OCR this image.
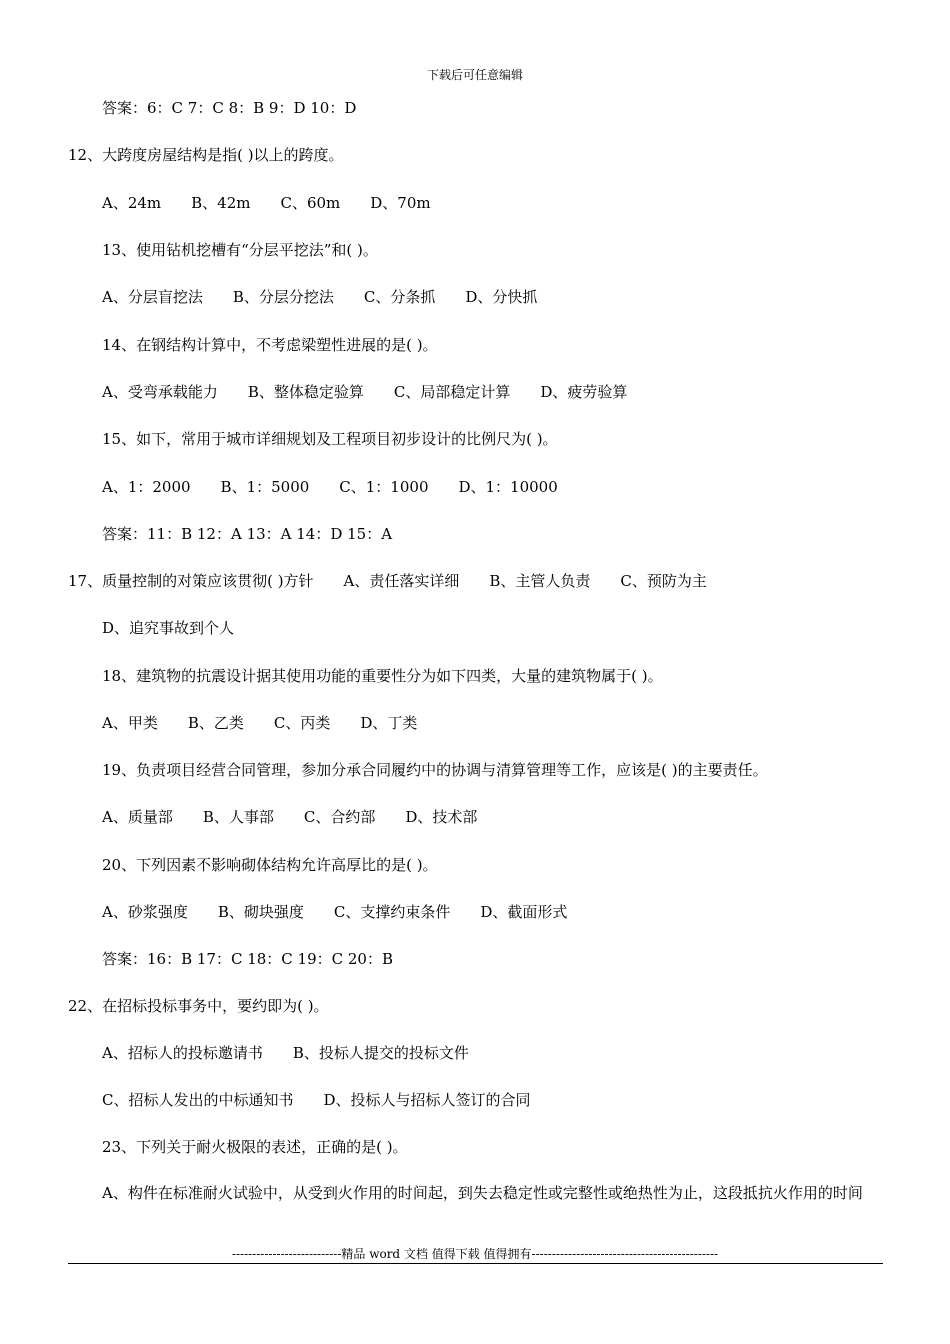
下载后可任意编辑
答案：6：C 7：C 8：B 9：D 10：D
12、大跨度房屋结构是指( )以上的跨度。
A、24m　　B、42m　　C、60m　　D、70m
13、使用钻机挖槽有“分层平挖法”和( )。
A、分层盲挖法　　B、分层分挖法　　C、分条抓　　D、分快抓
14、在钢结构计算中，不考虑梁塑性进展的是( )。
A、受弯承载能力　　B、整体稳定验算　　C、局部稳定计算　　D、疲劳验算
15、如下，常用于城市详细规划及工程项目初步设计的比例尺为( )。
A、1：2000　　B、1：5000　　C、1：1000　　D、1：10000
答案：11：B 12：A 13：A 14：D 15：A
17、质量控制的对策应该贯彻( )方针　　A、责任落实详细　　B、主管人负责　　C、预防为主
D、追究事故到个人
18、建筑物的抗震设计据其使用功能的重要性分为如下四类，大量的建筑物属于( )。
A、甲类　　B、乙类　　C、丙类　　D、丁类
19、负责项目经营合同管理，参加分承合同履约中的协调与清算管理等工作，应该是( )的主要责任。
A、质量部　　B、人事部　　C、合约部　　D、技术部
20、下列因素不影响砌体结构允许高厚比的是( )。
A、砂浆强度　　B、砌块强度　　C、支撑约束条件　　D、截面形式
答案：16：B 17：C 18：C 19：C 20：B
22、在招标投标事务中，要约即为( )。
A、招标人的投标邀请书　　B、投标人提交的投标文件
C、招标人发出的中标通知书　　D、投标人与招标人签订的合同
23、下列关于耐火极限的表述，正确的是( )。
A、构件在标准耐火试验中，从受到火作用的时间起，到失去稳定性或完整性或绝热性为止，这段抵抗火作用的时间
---------------------------精品 word 文档 值得下载 值得拥有----------------------------------------------
